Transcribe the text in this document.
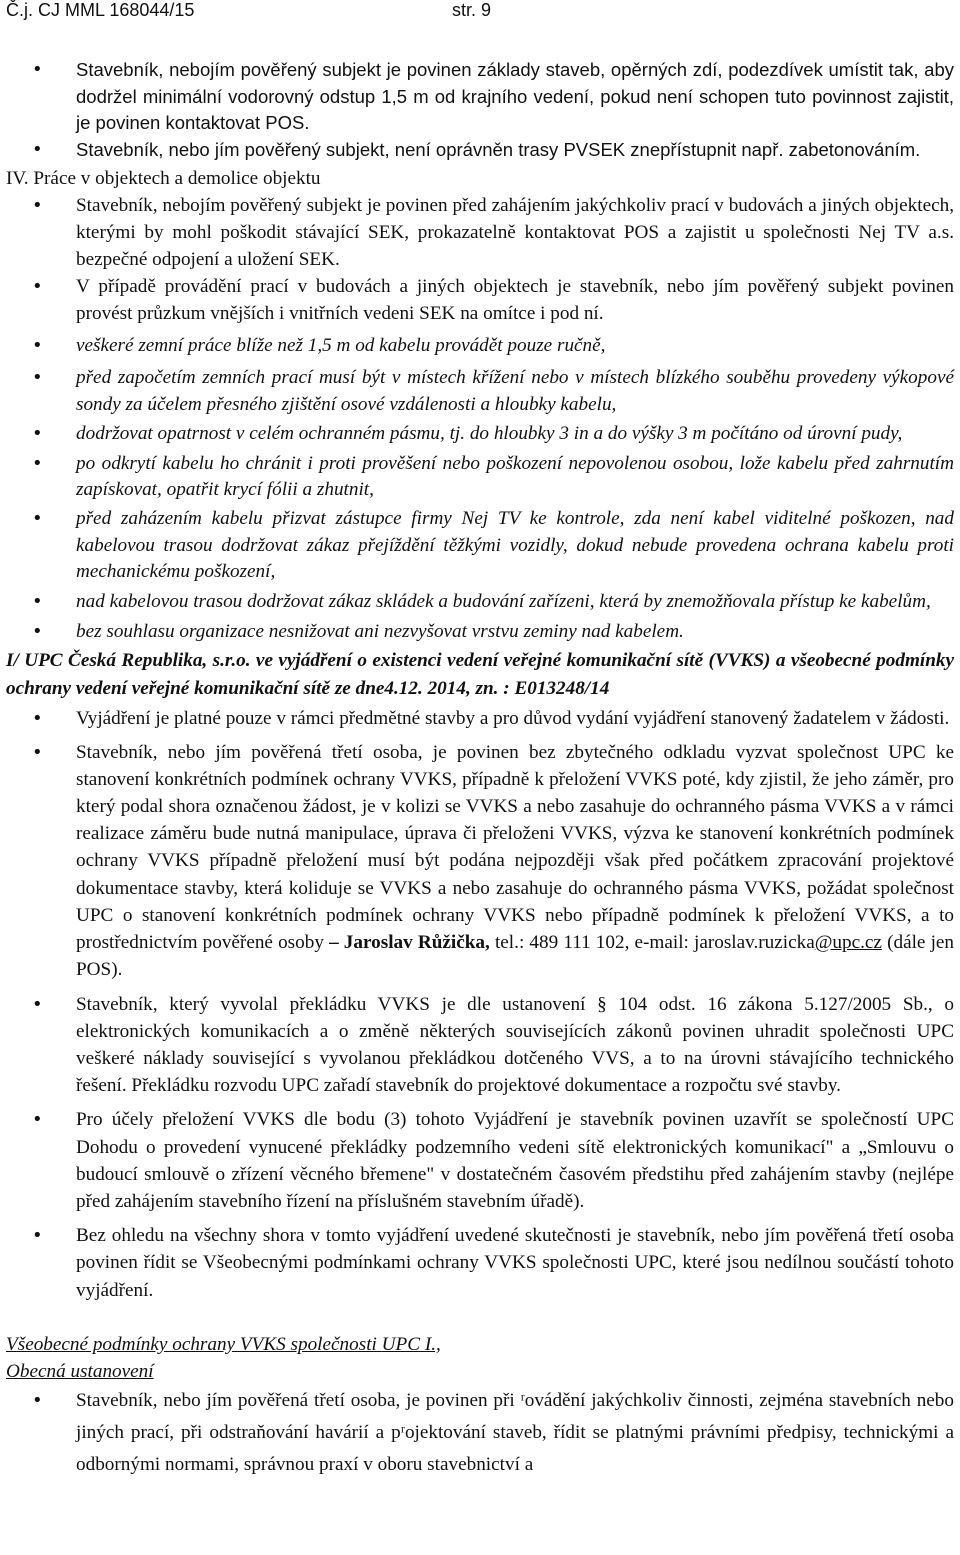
Č.j. CJ MML 168044/15	str. 9
• Stavebník, nebojím pověřený subjekt je povinen základy staveb, opěrných zdí, podezdívek umístit tak, aby dodržel minimální vodorovný odstup 1,5 m od krajního vedení, pokud není schopen tuto povinnost zajistit, je povinen kontaktovat POS.
• Stavebník, nebo jím pověřený subjekt, není oprávněn trasy PVSEK znepřístupnit např. zabetonováním.
IV. Práce v objektech a demolice objektu
• Stavebník, nebojím pověřený subjekt je povinen před zahájením jakýchkoliv prací v budovách a jiných objektech, kterými by mohl poškodit stávající SEK, prokazatelně kontaktovat POS a zajistit u společnosti Nej TV a.s. bezpečné odpojení a uložení SEK.
• V případě provádění prací v budovách a jiných objektech je stavebník, nebo jím pověřený subjekt povinen provést průzkum vnějších i vnitřních vedeni SEK na omítce i pod ní.
• veškeré zemní práce blíže než 1,5 m od kabelu provádět pouze ručně,
• před započetím zemních prací musí být v místech křížení nebo v místech blízkého souběhu provedeny výkopové sondy za účelem přesného zjištění osové vzdálenosti a hloubky kabelu,
• dodržovat opatrnost v celém ochranném pásmu, tj. do hloubky 3 in a do výšky 3 m počítáno od úrovní pudy,
• po odkrytí kabelu ho chránit i proti prověšení nebo poškození nepovolenou osobou, lože kabelu před zahrnutím zapískovat, opatřit krycí fólii a zhutnit,
• před zaházením kabelu přizvat zástupce firmy Nej TV ke kontrole, zda není kabel viditelné poškozen, nad kabelovou trasou dodržovat zákaz přejíždění těžkými vozidly, dokud nebude provedena ochrana kabelu proti mechanickému poškození,
• nad kabelovou trasou dodržovat zákaz skládek a budování zařízeni, která by znemožňovala přístup ke kabelům,
• bez souhlasu organizace nesnižovat ani nezvyšovat vrstvu zeminy nad kabelem.
I/ UPC Česká Republika, s.r.o. ve vyjádření o existenci vedení veřejné komunikační sítě (VVKS) a všeobecné podmínky ochrany vedení veřejné komunikační sítě ze dne4.12. 2014, zn. : E013248/14
• Vyjádření je platné pouze v rámci předmětné stavby a pro důvod vydání vyjádření stanovený žadatelem v žádosti.
• Stavebník, nebo jím pověřená třetí osoba, je povinen bez zbytečného odkladu vyzvat společnost UPC ke stanovení konkrétních podmínek ochrany VVKS, případně k přeložení VVKS poté, kdy zjistil, že jeho záměr, pro který podal shora označenou žádost, je v kolizi se VVKS a nebo zasahuje do ochranného pásma VVKS a v rámci realizace záměru bude nutná manipulace, úprava či přeloženi VVKS, výzva ke stanovení konkrétních podmínek ochrany VVKS případně přeložení musí být podána nejpozději však před počátkem zpracování projektové dokumentace stavby, která koliduje se VVKS a nebo zasahuje do ochranného pásma VVKS, požádat společnost UPC o stanovení konkrétních podmínek ochrany VVKS nebo případně podmínek k přeložení VVKS, a to prostřednictvím pověřené osoby – Jaroslav Růžička, tel.: 489 111 102, e-mail: jaroslav.ruzicka@upc.cz (dále jen POS).
• Stavebník, který vyvolal překládku VVKS je dle ustanovení § 104 odst. 16 zákona 5.127/2005 Sb., o elektronických komunikacích a o změně některých souvisejících zákonů povinen uhradit společnosti UPC veškeré náklady související s vyvolanou překládkou dotčeného VVS, a to na úrovni stávajícího technického řešení. Překládku rozvodu UPC zařadí stavebník do projektové dokumentace a rozpočtu své stavby.
• Pro účely přeložení VVKS dle bodu (3) tohoto Vyjádření je stavebník povinen uzavřít se společností UPC Dohodu o provedení vynucené překládky podzemního vedeni sítě elektronických komunikací" a „Smlouvu o budoucí smlouvě o zřízení věcného břemene" v dostatečném časovém předstihu před zahájením stavby (nejlépe před zahájením stavebního řízení na příslušném stavebním úřadě).
• Bez ohledu na všechny shora v tomto vyjádření uvedené skutečnosti je stavebník, nebo jím pověřená třetí osoba povinen řídit se Všeobecnými podmínkami ochrany VVKS společnosti UPC, které jsou nedílnou součástí tohoto vyjádření.
Všeobecné podmínky ochrany VVKS společnosti UPC I.,
Obecná ustanovení
• Stavebník, nebo jím pověřená třetí osoba, je povinen při ʳovádění jakýchkoliv činnosti, zejména stavebních nebo jiných prací, při odstraňování havárií a pʳojektování staveb, řídit se platnými právními předpisy, technickými a odbornými normami, správnou praxí v oboru stavebnictví a
